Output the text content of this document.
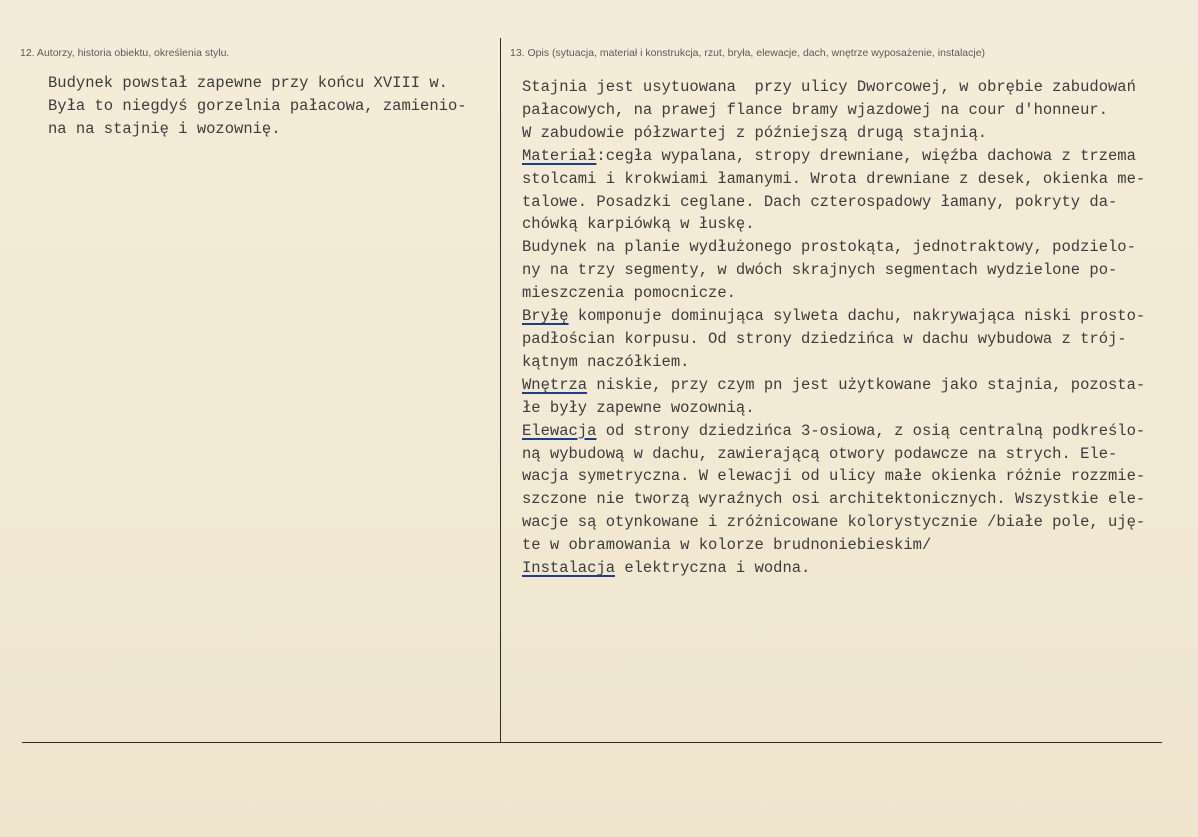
12. Autorzy, historia obiektu, określenia stylu.	13. Opis (sytuacja, materiał i konstrukcja, rzut, bryła, elewacje, dach, wnętrze wyposażenie, instalacje)
Budynek powstał zapewne przy końcu XVIII w.
Była to niegdyś gorzelnia pałacowa, zamienio-
na na stajnię i wozownię.
Stajnia jest usytuowana  przy ulicy Dworcowej, w obrębie zabudowań
pałacowych, na prawej flance bramy wjazdowej na cour d'honneur.
W zabudowie półzwartej z późniejszą drugą stajnią.
Materiał:cegła wypalana, stropy drewniane, więźba dachowa z trzema
stolcami i krokwiami łamanymi. Wrota drewniane z desek, okienka me-
talowe. Posadzki ceglane. Dach czterospadowy łamany, pokryty da-
chówką karpiówką w łuskę.
Budynek na planie wydłużonego prostokąta, jednotraktowy, podzielo-
ny na trzy segmenty, w dwóch skrajnych segmentach wydzielone po-
mieszczenia pomocnicze.
Bryłę komponuje dominująca sylweta dachu, nakrywająca niski prosto-
padłościan korpusu. Od strony dziedzińca w dachu wybudowa z trój-
kątnym naczółkiem.
Wnętrza niskie, przy czym pn jest użytkowane jako stajnia, pozosta-
łe były zapewne wozownią.
Elewacja od strony dziedzińca 3-osiowa, z osią centralną podkreślo-
ną wybudową w dachu, zawierającą otwory podawcze na strych. Ele-
wacja symetryczna. W elewacji od ulicy małe okienka różnie rozzmie-
szczone nie tworzą wyraźnych osi architektonicznych. Wszystkie ele-
wacje są otynkowane i zróżnicowane kolorystycznie /białe pole, uję-
te w obramowania w kolorze brudnoniebieskim/
Instalacja elektryczna i wodna.
